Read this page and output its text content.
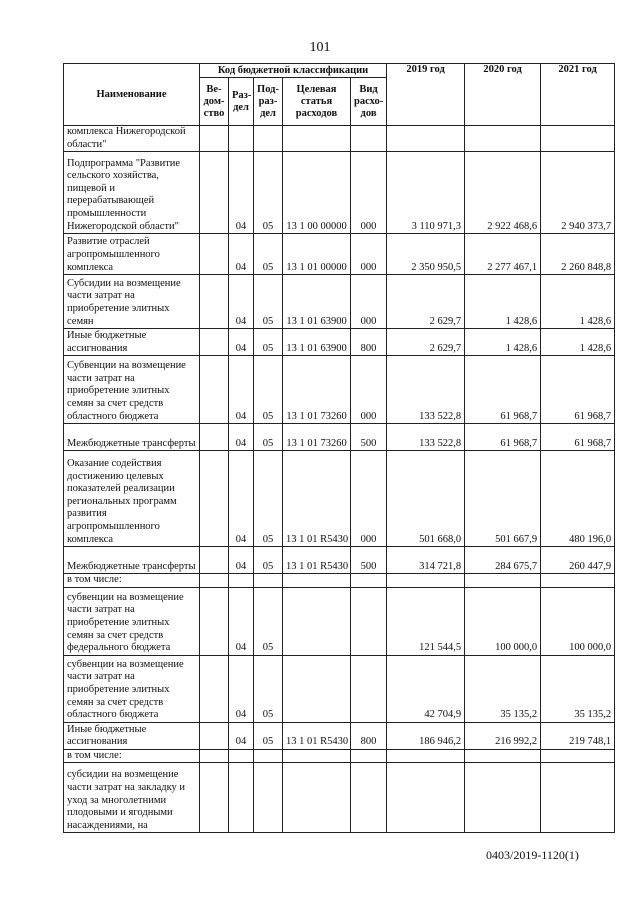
101
Наименование	Код бюджетной классификации					2019 год	2020 год	2021 год
	Ве-дом-ство	Раз-дел	Под-раз-дел	Целевая статья расходов	Вид расхо-дов			
комплекса Нижегородской области"								
Подпрограмма "Развитие сельского хозяйства, пищевой и перерабатывающей промышленности Нижегородской области"		04	05	13 1 00 00000	000	3 110 971,3	2 922 468,6	2 940 373,7
Развитие отраслей агропромышленного комплекса		04	05	13 1 01 00000	000	2 350 950,5	2 277 467,1	2 260 848,8
Субсидии на возмещение части затрат на приобретение элитных семян		04	05	13 1 01 63900	000	2 629,7	1 428,6	1 428,6
Иные бюджетные ассигнования		04	05	13 1 01 63900	800	2 629,7	1 428,6	1 428,6
Субвенции на возмещение части затрат на приобретение элитных семян за счет средств областного бюджета		04	05	13 1 01 73260	000	133 522,8	61 968,7	61 968,7
Межбюджетные трансферты		04	05	13 1 01 73260	500	133 522,8	61 968,7	61 968,7
Оказание содействия достижению целевых показателей реализации региональных программ развития агропромышленного комплекса		04	05	13 1 01 R5430	000	501 668,0	501 667,9	480 196,0
Межбюджетные трансферты		04	05	13 1 01 R5430	500	314 721,8	284 675,7	260 447,9
в том числе:								
субвенции на возмещение части затрат на приобретение элитных семян за счет средств федерального бюджета		04	05			121 544,5	100 000,0	100 000,0
субвенции на возмещение части затрат на приобретение элитных семян за счет средств областного бюджета		04	05			42 704,9	35 135,2	35 135,2
Иные бюджетные ассигнования		04	05	13 1 01 R5430	800	186 946,2	216 992,2	219 748,1
в том числе:								
субсидии на возмещение части затрат на закладку и уход за многолетними плодовыми и ягодными насаждениями, на								
0403/2019-1120(1)
